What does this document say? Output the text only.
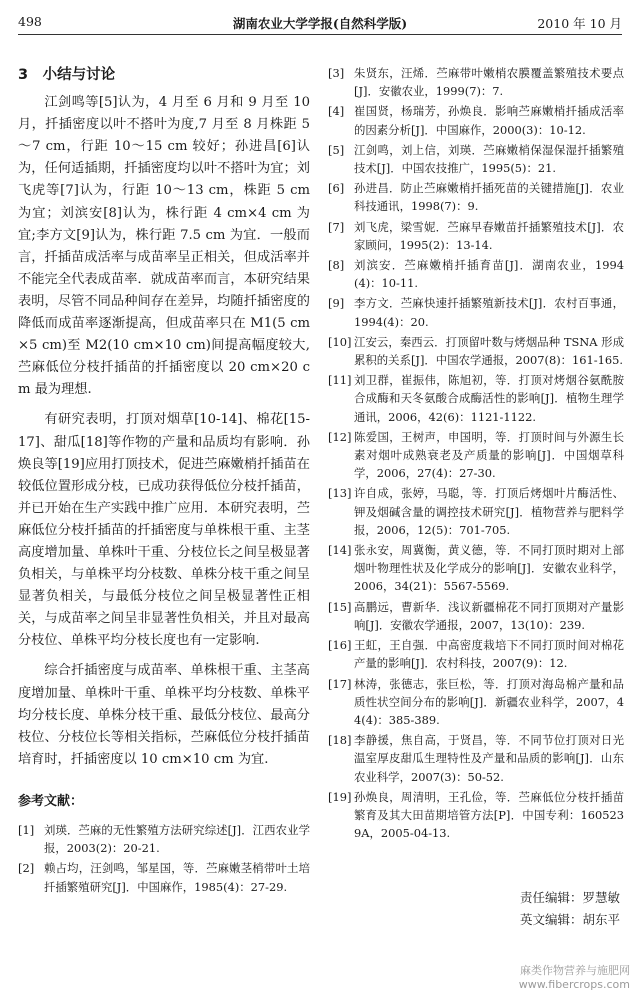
498	湖南农业大学学报(自然科学版)	2010 年 10 月
3　小结与讨论

江剑鸣等[5]认为，4 月至 6 月和 9 月至 10 月，扦插密度以叶不搭叶为度,7 月至 8 月株距 5～7 cm，行距 10～15 cm 较好；孙进昌[6]认为，任何适插期，扦插密度均以叶不搭叶为宜；刘飞虎等[7]认为，行距 10～13 cm，株距 5 cm 为宜；刘滨安[8]认为，株行距 4 cm×4 cm 为宜;李方文[9]认为，株行距 7.5 cm 为宜．一般而言，扦插苗成活率与成苗率呈正相关，但成活率并不能完全代表成苗率．就成苗率而言，本研究结果表明，尽管不同品种间存在差异，均随扦插密度的降低而成苗率逐渐提高，但成苗率只在 M1(5 cm×5 cm)至 M2(10 cm×10 cm)间提高幅度较大,苎麻低位分枝扦插苗的扦插密度以 20 cm×20 cm 最为理想.

有研究表明，打顶对烟草[10-14]、棉花[15-17]、甜瓜[18]等作物的产量和品质均有影响．孙焕良等[19]应用打顶技术，促进苎麻嫩梢扦插苗在较低位置形成分枝，已成功获得低位分枝扦插苗，并已开始在生产实践中推广应用．本研究表明，苎麻低位分枝扦插苗的扦插密度与单株根干重、主茎高度增加量、单株叶干重、分枝位长之间呈极显著负相关，与单株平均分枝数、单株分枝干重之间呈显著负相关，与最低分枝位之间呈极显著性正相关，与成苗率之间呈非显著性负相关，并且对最高分枝位、单株平均分枝长度也有一定影响.

综合扦插密度与成苗率、单株根干重、主茎高度增加量、单株叶干重、单株平均分枝数、单株平均分枝长度、单株分枝干重、最低分枝位、最高分枝位、分枝位长等相关指标，苎麻低位分枝扦插苗培育时，扦插密度以 10 cm×10 cm 为宜.

参考文献：
[1] 刘瑛．苎麻的无性繁殖方法研究综述[J]．江西农业学报，2003(2)：20-21.
[2] 赖占均，汪剑鸣，邹星国，等．苎麻嫩茎梢带叶土培扦插繁殖研究[J]．中国麻作，1985(4)：27-29.
[3] 朱贤东，汪烯．苎麻带叶嫩梢农膜覆盖繁殖技术要点[J]．安徽农业，1999(7)：7.
[4] 崔国贤，杨瑞芳，孙焕良．影响苎麻嫩梢扦插成活率的因素分析[J]．中国麻作，2000(3)：10-12.
[5] 江剑鸣，刘上信，刘瑛．苎麻嫩梢保湿保湿扦插繁殖技术[J]．中国农技推广，1995(5)：21.
[6] 孙进昌．防止苎麻嫩梢扦插死苗的关键措施[J]．农业科技通讯，1998(7)：9.
[7] 刘飞虎，梁雪妮．苎麻早春嫩苗扦插繁殖技术[J]．农家顾问，1995(2)：13-14.
[8] 刘滨安．苎麻嫩梢扦插育苗[J]．湖南农业，1994(4)：10-11.
[9] 李方文．苎麻快速扦插繁殖新技术[J]．农村百事通，1994(4)：20.
[10] 江安云，秦西云．打顶留叶数与烤烟品种 TSNA 形成累积的关系[J]．中国农学通报，2007(8)：161-165.
[11] 刘卫群，崔振伟，陈旭初，等．打顶对烤烟谷氨酰胺合成酶和天冬氨酸合成酶活性的影响[J]．植物生理学通讯，2006，42(6)：1121-1122.
[12] 陈爱国，王树声，申国明，等．打顶时间与外源生长素对烟叶成熟衰老及产质量的影响[J]．中国烟草科学，2006，27(4)：27-30.
[13] 许自成，张婷，马聪，等．打顶后烤烟叶片酶活性、钾及烟碱含量的调控技术研究[J]．植物营养与肥料学报，2006，12(5)：701-705.
[14] 张永安，周冀衡，黄义德，等．不同打顶时期对上部烟叶物理性状及化学成分的影响[J]．安徽农业科学，2006，34(21)：5567-5569.
[15] 高鹏远，曹新华．浅议新疆棉花不同打顶期对产量影响[J]．安徽农学通报，2007，13(10)：239.
[16] 王虹，王自强．中高密度栽培下不同打顶时间对棉花产量的影响[J]．农村科技，2007(9)：12.
[17] 林涛，张德志，张巨松，等．打顶对海岛棉产量和品质性状空间分布的影响[J]．新疆农业科学，2007，44(4)：385-389.
[18] 李静援，焦自高，于贤昌，等．不同节位打顶对日光温室厚皮甜瓜生理特性及产量和品质的影响[J]．山东农业科学，2007(3)：50-52.
[19] 孙焕良，周清明，王孔俭，等．苎麻低位分枝扦插苗繁育及其大田苗期培管方法[P]．中国专利：1605239A，2005-04-13.
责任编辑：罗慧敏
英文编辑：胡东平
麻类作物营养与施肥网
www.fibercrops.com
